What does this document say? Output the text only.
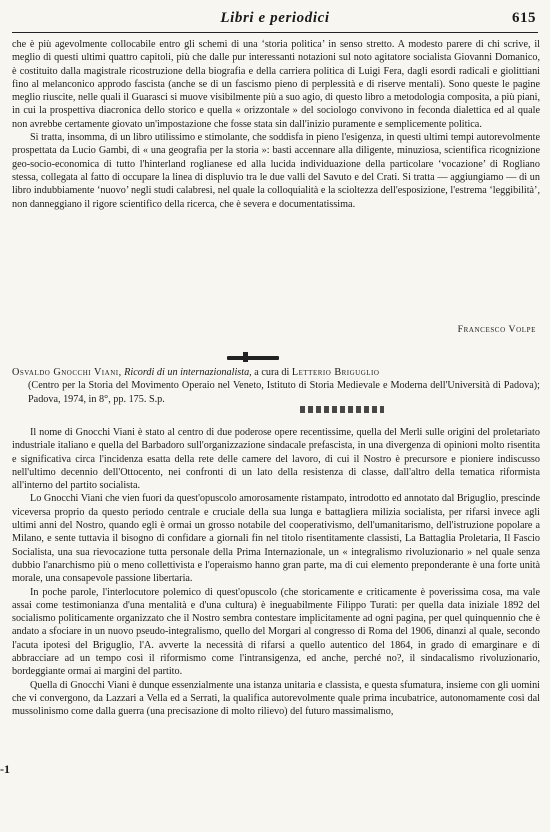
Libri e periodici	615

che è più agevolmente collocabile entro gli schemi di una ‘storia politica’ in senso stretto. A modesto parere di chi scrive, il meglio di questi ultimi quattro capitoli, più che dalle pur interessanti notazioni sul noto agitatore socialista Giovanni Domanico, è costituito dalla magistrale ricostruzione della biografia e della carriera politica di Luigi Fera, dagli esordi radicali e giolittiani fino al melanconico approdo fascista (anche se di un fascismo pieno di perplessità e di riserve mentali). Sono queste le pagine meglio riuscite, nelle quali il Guarasci si muove visibilmente più a suo agio, di questo libro a metodologia composita, a più piani, in cui la prospettiva diacronica dello storico e quella « orizzontale » del sociologo convivono in feconda dialettica ed al quale non avrebbe certamente giovato un'impostazione che fosse stata sin dall'inizio puramente e semplicemente politica.

Si tratta, insomma, di un libro utilissimo e stimolante, che soddisfa in pieno l'esigenza, in questi ultimi tempi autorevolmente prospettata da Lucio Gambi, di « una geografia per la storia »: basti accennare alla diligente, minuziosa, scientifica ricognizione geo-socio-economica di tutto l'hinterland roglianese ed alla lucida individuazione della particolare ‘vocazione’ di Rogliano stessa, collegata al fatto di occupare la linea di displuvio tra le due valli del Savuto e del Crati. Si tratta — aggiungiamo — di un libro indubbiamente ‘nuovo’ negli studi calabresi, nel quale la colloquialità e la scioltezza dell'esposizione, l'estrema ‘leggibilità’, non danneggiano il rigore scientifico della ricerca, che è severa e documentatissima.

Francesco Volpe
Osvaldo Gnocchi Viani, Ricordi di un internazionalista, a cura di Letterio Briguglio
(Centro per la Storia del Movimento Operaio nel Veneto, Istituto di Storia Medievale e Moderna dell'Università di Padova); Padova, 1974, in 8°, pp. 175. S.p.

Il nome di Gnocchi Viani è stato al centro di due poderose opere recentissime, quella del Merli sulle origini del proletariato industriale italiano e quella del Barbadoro sull'organizzazione sindacale prefascista, in una divergenza di opinioni molto risentita e significativa circa l'incidenza esatta della rete delle camere del lavoro, di cui il Nostro è precursore e pioniere indiscusso nell'ultimo decennio dell'Ottocento, nei confronti di un lato della resistenza di classe, dall'altro della tematica riformista all'interno del partito socialista.

Lo Gnocchi Viani che vien fuori da quest'opuscolo amorosamente ristampato, introdotto ed annotato dal Briguglio, prescinde viceversa proprio da questo periodo centrale e cruciale della sua lunga e battagliera milizia socialista, per rifarsi invece agli ultimi anni del Nostro, quando egli è ormai un grosso notabile del cooperativismo, dell'umanitarismo, dell'istruzione popolare a Milano, e sente tuttavia il bisogno di confidare a giornali fin nel titolo risentitamente classisti, La Battaglia Proletaria, Il Fascio Socialista, una sua rievocazione tutta personale della Prima Internazionale, un « integralismo rivoluzionario » nel quale senza dubbio l'anarchismo più o meno collettivista e l'operaismo hanno gran parte, ma di cui elemento preponderante è una forte unità morale, una consapevole passione libertaria.

In poche parole, l'interlocutore polemico di quest'opuscolo (che storicamente e criticamente è poverissima cosa, ma vale assai come testimonianza d'una mentalità e d'una cultura) è ineguabilmente Filippo Turati: per quella data iniziale 1892 del socialismo politicamente organizzato che il Nostro sembra contestare implicitamente ad ogni pagina, per quel quinquennio che è andato a sfociare in un nuovo pseudo-integralismo, quello del Morgari al congresso di Roma del 1906, dinanzi al quale, secondo l'acuta ipotesi del Briguglio, l'A. avverte la necessità di rifarsi a quello autentico del 1864, in grado di emarginare e di abbracciare ad un tempo così il riformismo come l'intransigenza, ed anche, perché no?, il sindacalismo rivoluzionario, bordeggiante ormai ai margini del partito.

Quella di Gnocchi Viani è dunque essenzialmente una istanza unitaria e classista, e questa sfumatura, insieme con gli uomini che vi convergono, da Lazzari a Vella ed a Serrati, la qualifica autorevolmente quale prima incubatrice, autonomamente così dal mussolinismo come dalla guerra (una precisazione di molto rilievo) del futuro massimalismo,

-1
